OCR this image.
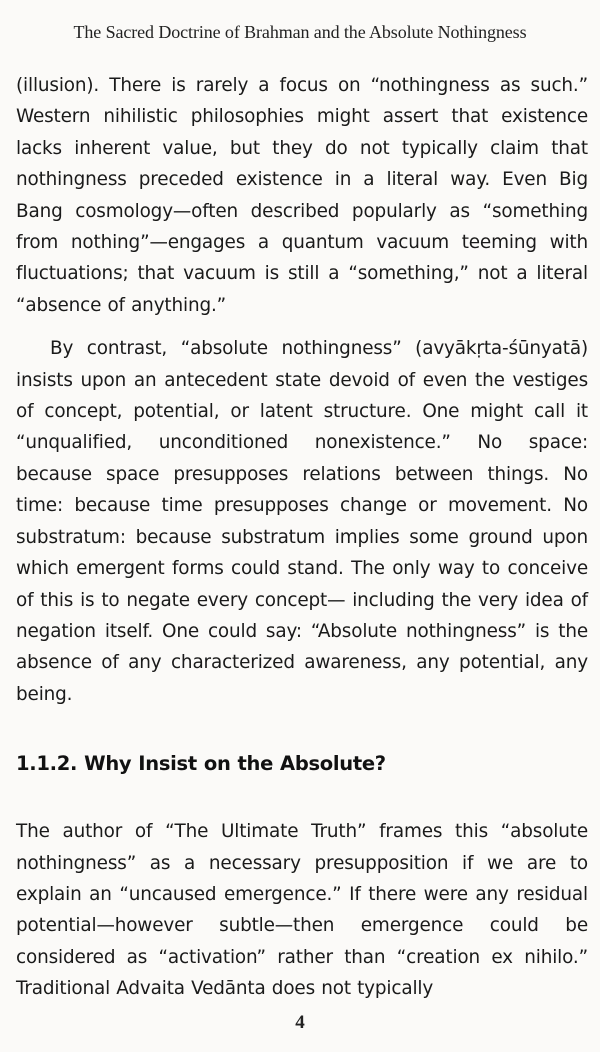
The Sacred Doctrine of Brahman and the Absolute Nothingness

(illusion). There is rarely a focus on “nothingness as such.” Western nihilistic philosophies might assert that existence lacks inherent value, but they do not typically claim that nothingness preceded existence in a literal way. Even Big Bang cosmology—often described popularly as “something from nothing”—engages a quantum vacuum teeming with fluctuations; that vacuum is still a “something,” not a literal “absence of anything.”

By contrast, “absolute nothingness” (avyākṛta-śūnyatā) insists upon an antecedent state devoid of even the vestiges of concept, potential, or latent structure. One might call it “unqualified, unconditioned nonexistence.” No space: because space presupposes relations between things. No time: because time presupposes change or movement. No substratum: because substratum implies some ground upon which emergent forms could stand. The only way to conceive of this is to negate every concept— including the very idea of negation itself. One could say: “Absolute nothingness” is the absence of any characterized awareness, any potential, any being.

1.1.2. Why Insist on the Absolute?

The author of “The Ultimate Truth” frames this “absolute nothingness” as a necessary presupposition if we are to explain an “uncaused emergence.” If there were any residual potential—however subtle—then emergence could be considered as “activation” rather than “creation ex nihilo.” Traditional Advaita Vedānta does not typically

4
